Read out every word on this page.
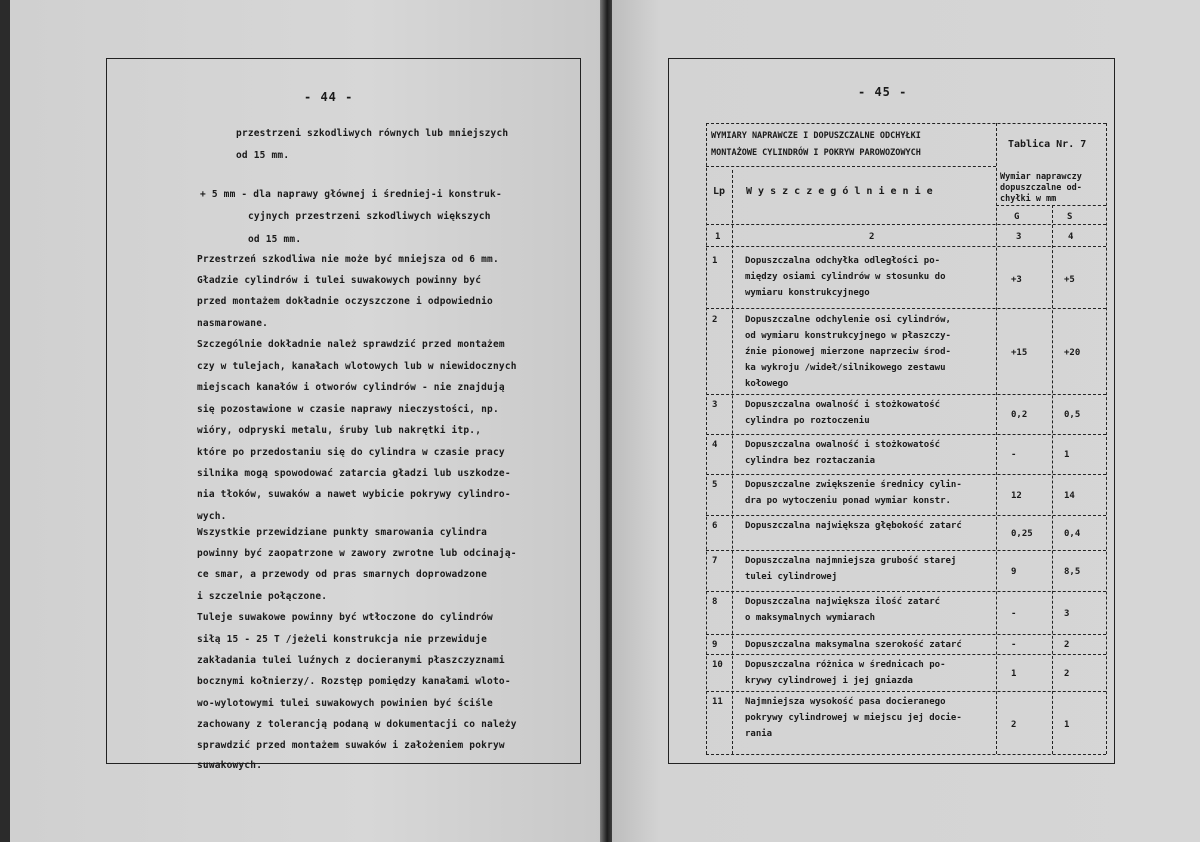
- 44 -
przestrzeni szkodliwych równych lub mniejszych
od 15 mm.
+ 5 mm - dla naprawy głównej i średniej-i konstruk-
cyjnych przestrzeni szkodliwych większych
od 15 mm.
Przestrzeń szkodliwa nie może być mniejsza od 6 mm.
Gładzie cylindrów i tulei suwakowych powinny być
przed montażem dokładnie oczyszczone i odpowiednio
nasmarowane.
Szczególnie dokładnie należ sprawdzić przed montażem
czy w tulejach, kanałach wlotowych lub w niewidocznych
miejscach kanałów i otworów cylindrów - nie znajdują
się pozostawione w czasie naprawy nieczystości, np.
wióry, odpryski metalu, śruby lub nakrętki itp.,
które po przedostaniu się do cylindra w czasie pracy
silnika mogą spowodować zatarcia gładzi lub uszkodze-
nia tłoków, suwaków a nawet wybicie pokrywy cylindro-
wych.
Wszystkie przewidziane punkty smarowania cylindra
powinny być zaopatrzone w zawory zwrotne lub odcinają-
ce smar, a przewody od pras smarnych doprowadzone
i szczelnie połączone.
Tuleje suwakowe powinny być wtłoczone do cylindrów
siłą 15 - 25 T /jeżeli konstrukcja nie przewiduje
zakładania tulei luźnych z docieranymi płaszczyznami
bocznymi kołnierzy/. Rozstęp pomiędzy kanałami wloto-
wo-wylotowymi tulei suwakowych powinien być ściśle
zachowany z tolerancją podaną w dokumentacji co należy
sprawdzić przed montażem suwaków i założeniem pokryw
suwakowych.
- 45 -
WYMIARY NAPRAWCZE I DOPUSZCZALNE ODCHYŁKI
MONTAŻOWE CYLINDRÓW I POKRYW PAROWOZOWYCH
Tablica Nr. 7
Lp W y s z c z e g ó l n i e n i e
Wymiar naprawczy
dopuszczalne od-
chyłki w mm
G	S
1	2	3	4
1	Dopuszczalna odchyłka odległości po-
między osiami cylindrów w stosunku do
wymiaru konstrukcyjnego
+3	+5
2	Dopuszczalne odchylenie osi cylindrów,
od wymiaru konstrukcyjnego w płaszczy-
źnie pionowej mierzone naprzeciw środ-
ka wykroju /wideł/silnikowego zestawu
kołowego
+15	+20
3	Dopuszczalna owalność i stożkowatość
cylindra po roztoczeniu
0,2	0,5
4	Dopuszczalna owalność i stożkowatość
cylindra bez roztaczania
-	1
5	Dopuszczalne zwiększenie średnicy cylin-
dra po wytoczeniu ponad wymiar konstr.
12	14
6	Dopuszczalna największa głębokość zatarć
0,25	0,4
7	Dopuszczalna najmniejsza grubość starej
tulei cylindrowej
9	8,5
8	Dopuszczalna największa ilość zatarć
o maksymalnych wymiarach	-	3
9	Dopuszczalna maksymalna szerokość zatarć	-	2
10 Dopuszczalna różnica w średnicach po-
krywy cylindrowej i jej gniazda
1	2
11 Najmniejsza wysokość pasa docieranego
pokrywy cylindrowej w miejscu jej docie-
rania
2	1
